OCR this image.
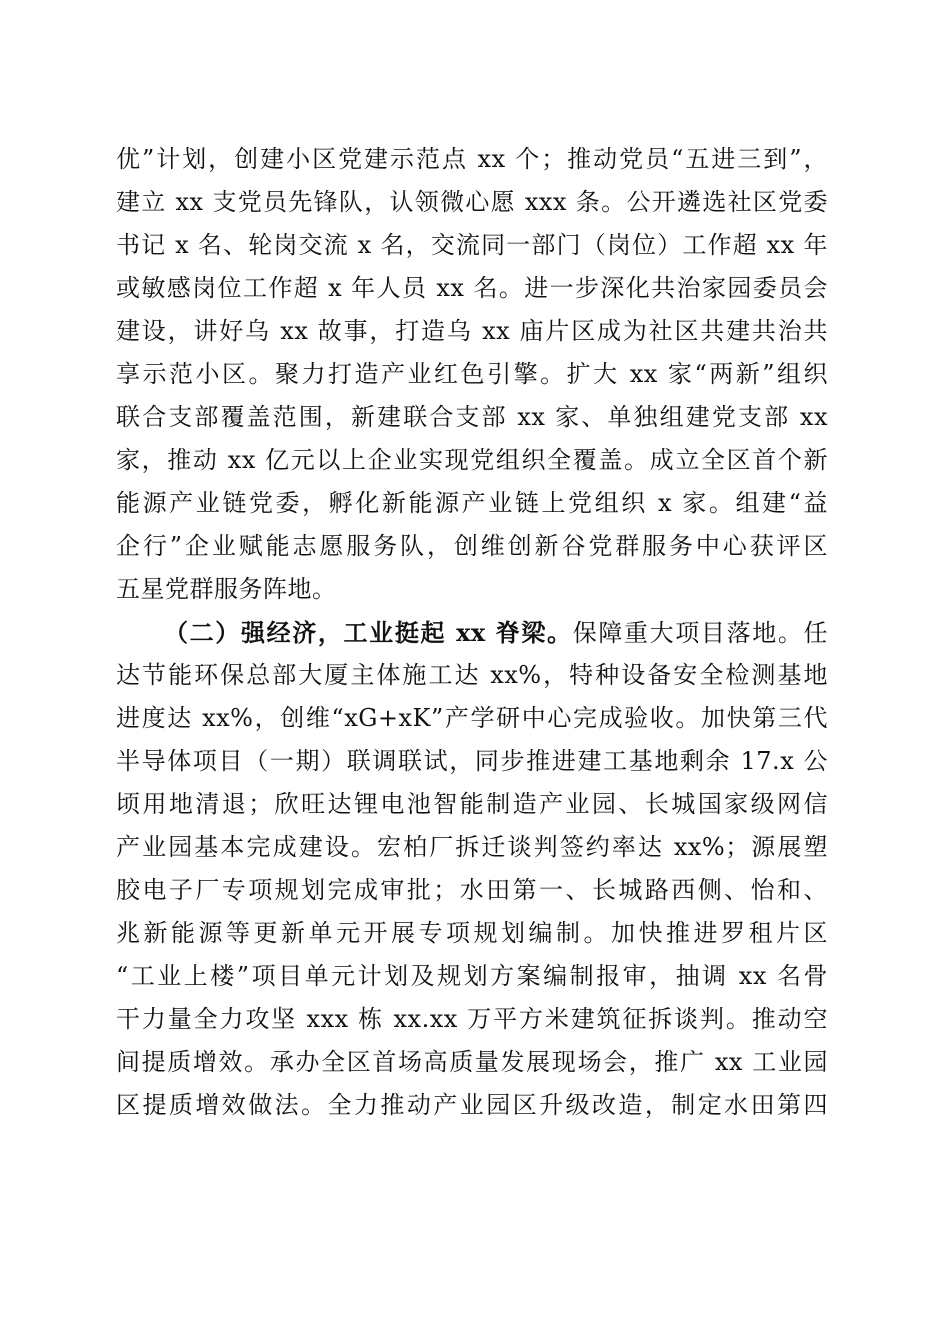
优”计划，创建小区党建示范点 xx 个；推动党员“五进三到”，
建立 xx 支党员先锋队，认领微心愿 xxx 条。公开遴选社区党委
书记 x 名、轮岗交流 x 名，交流同一部门（岗位）工作超 xx 年
或敏感岗位工作超 x 年人员 xx 名。进一步深化共治家园委员会
建设，讲好乌 xx 故事，打造乌 xx 庙片区成为社区共建共治共
享示范小区。聚力打造产业红色引擎。扩大 xx 家“两新”组织
联合支部覆盖范围，新建联合支部 xx 家、单独组建党支部 xx
家，推动 xx 亿元以上企业实现党组织全覆盖。成立全区首个新
能源产业链党委，孵化新能源产业链上党组织 x 家。组建“益
企行”企业赋能志愿服务队，创维创新谷党群服务中心获评区
五星党群服务阵地。
（二）强经济，工业挺起 xx 脊梁。保障重大项目落地。任
达节能环保总部大厦主体施工达 xx%，特种设备安全检测基地
进度达 xx%，创维“xG+xK”产学研中心完成验收。加快第三代
半导体项目（一期）联调联试，同步推进建工基地剩余 17.x 公
顷用地清退；欣旺达锂电池智能制造产业园、长城国家级网信
产业园基本完成建设。宏柏厂拆迁谈判签约率达 xx%；源展塑
胶电子厂专项规划完成审批；水田第一、长城路西侧、怡和、
兆新能源等更新单元开展专项规划编制。加快推进罗租片区
“工业上楼”项目单元计划及规划方案编制报审，抽调 xx 名骨
干力量全力攻坚 xxx 栋 xx.xx 万平方米建筑征拆谈判。推动空
间提质增效。承办全区首场高质量发展现场会，推广 xx 工业园
区提质增效做法。全力推动产业园区升级改造，制定水田第四
